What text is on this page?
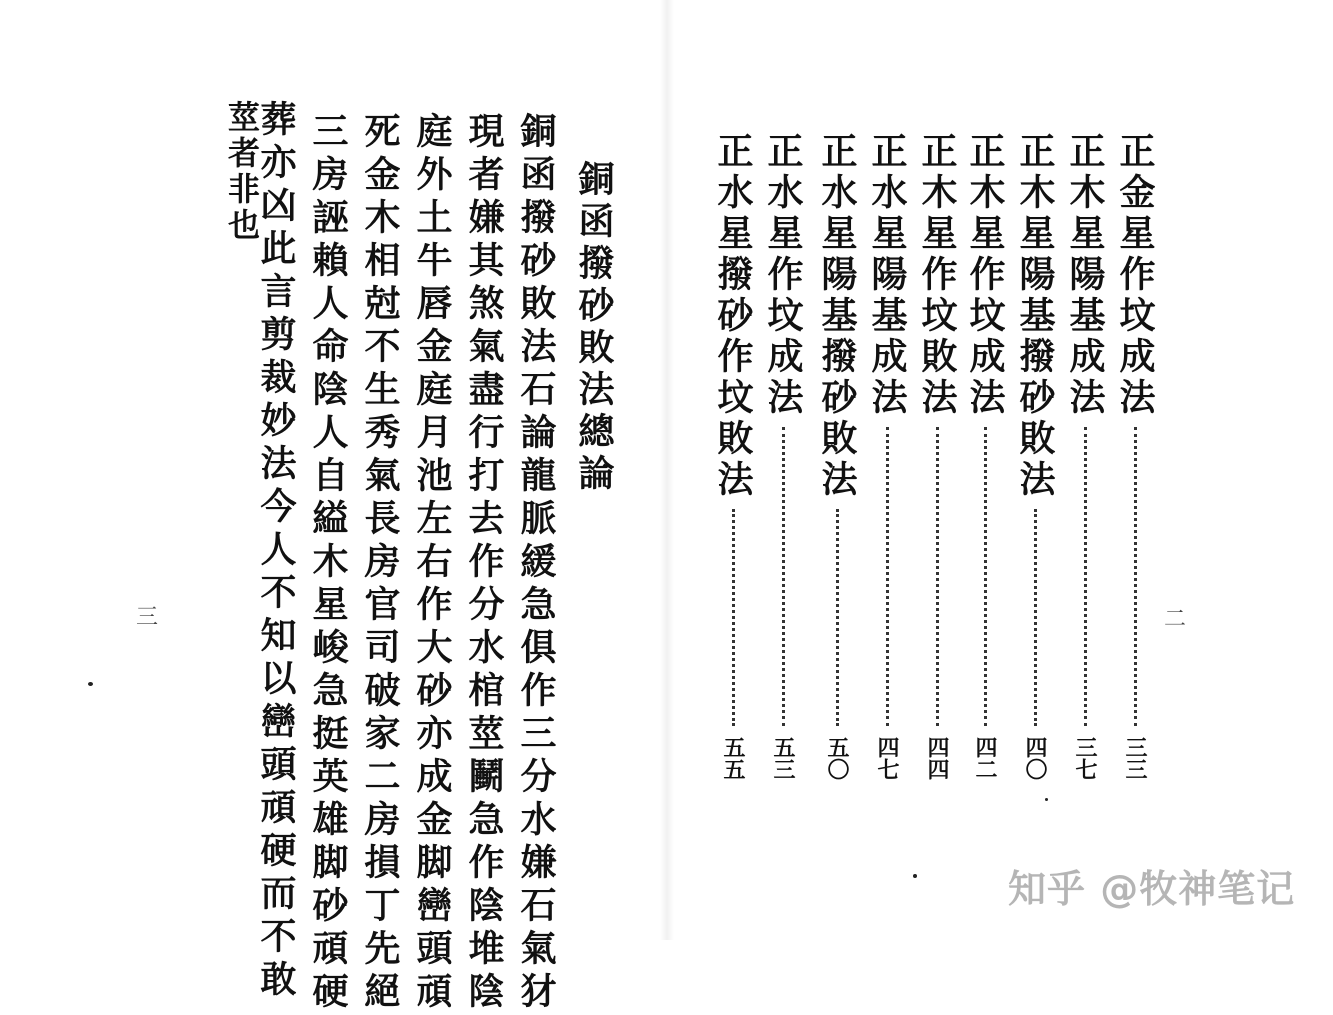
三
銅函撥砂敗法總論
銅函撥砂敗法石論龍脈緩急俱作三分水嫌石氣犲
現者嫌其煞氣盡行打去作分水棺莖鬭急作陰堆陰
庭外土牛唇金庭月池左右作大砂亦成金脚巒頭頑
死金木相尅不生秀氣長房官司破家二房損丁先絕
三房誣賴人命陰人自縊木星峻急挺英雄脚砂頑硬
葬亦凶此言剪裁妙法今人不知以巒頭頑硬而不敢
莖者非也
二
正金星作坟成法
三三
正木星陽基成法
三七
正木星陽基撥砂敗法
四〇
正木星作坟成法
四二
正木星作坟敗法
四四
正水星陽基成法
四七
正水星陽基撥砂敗法
五〇
正水星作坟成法
五三
正水星撥砂作坟敗法
五五
知乎 @牧神笔记
